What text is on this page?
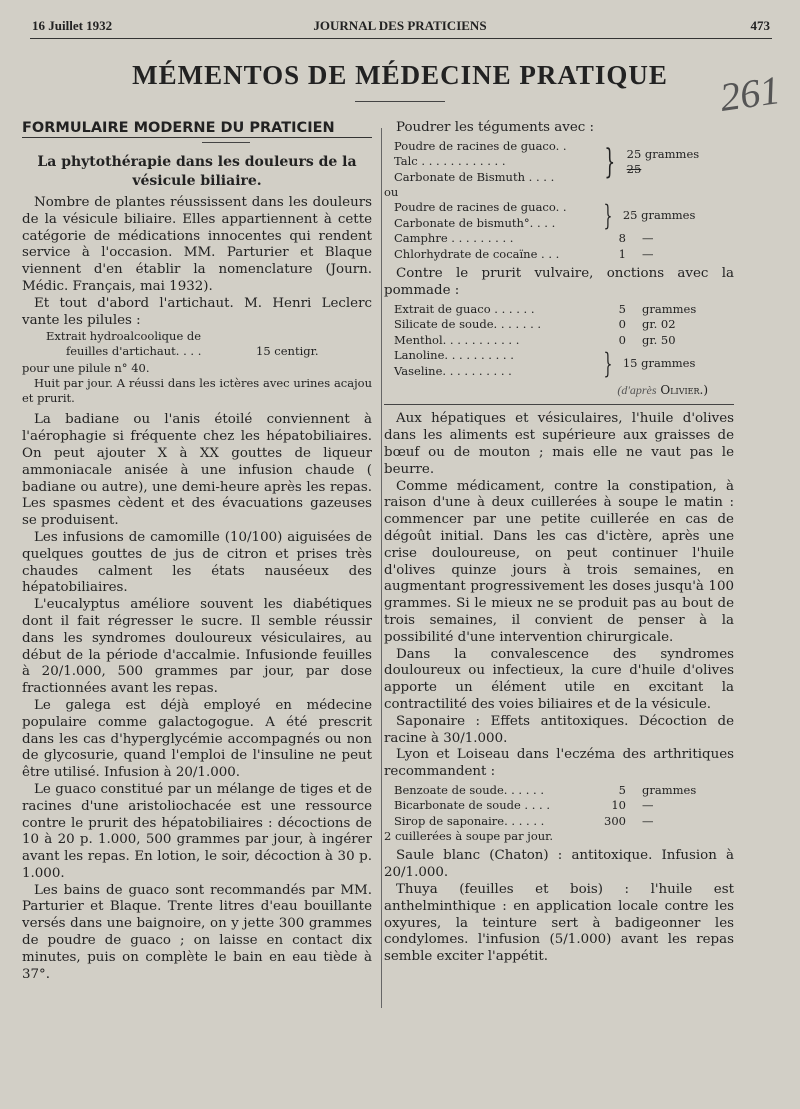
16 Juillet 1932	JOURNAL DES PRATICIENS	473
MÉMENTOS DE MÉDECINE PRATIQUE	261
FORMULAIRE MODERNE DU PRATICIEN
La phytothérapie dans les douleurs de la
vésicule biliaire.

Nombre de plantes réussissent dans les douleurs de la vésicule biliaire. Elles appartiennent à cette catégorie de médications innocentes qui rendent service à l'occasion. MM. Parturier et Blaque viennent d'en établir la nomenclature (Journ. Médic. Français, mai 1932).

Et tout d'abord l'artichaut. M. Henri Leclerc vante les pilules :

Extrait hydroalcoolique de
feuilles d'artichaut. . . .	15 centigr.
pour une pilule n° 40.
Huit par jour. A réussi dans les ictères avec urines acajou et prurit.

La badiane ou l'anis étoilé conviennent à l'aérophagie si fréquente chez les hépatobiliaires. On peut ajouter X à XX gouttes de liqueur ammoniacale anisée à une infusion chaude ( badiane ou autre), une demi-heure après les repas. Les spasmes cèdent et des évacuations gazeuses se produisent.

Les infusions de camomille (10/100) aiguisées de quelques gouttes de jus de citron et prises très chaudes calment les états nauséeux des hépatobiliaires.

L'eucalyptus améliore souvent les diabétiques dont il fait régresser le sucre. Il semble réussir dans les syndromes douloureux vésiculaires, au début de la période d'accalmie. Infusionde feuilles à 20/1.000, 500 grammes par jour, par dose fractionnées avant les repas.

Le galega est déjà employé en médecine populaire comme galactogogue. A été prescrit dans les cas d'hyperglycémie accompagnés ou non de glycosurie, quand l'emploi de l'insuline ne peut être utilisé. Infusion à 20/1.000.

Le guaco constitué par un mélange de tiges et de racines d'une aristoliochacée est une ressource contre le prurit des hépatobiliaires : décoctions de 10 à 20 p. 1.000, 500 grammes par jour, à ingérer avant les repas. En lotion, le soir, décoction à 30 p. 1.000.

Les bains de guaco sont recommandés par MM. Parturier et Blaque. Trente litres d'eau bouillante versés dans une baignoire, on y jette 300 grammes de poudre de guaco ; on laisse en contact dix minutes, puis on complète le bain en eau tiède à 37°.

Poudrer les téguments avec :

Poudre de racines de guaco. .
Talc . . . . . . . . . . . .
Carbonate de Bismuth . . . .	} 25 grammes
25
ou
Poudre de racines de guaco. .
Carbonate de bismuth°. . . .	} 25 grammes
Camphre . . . . . . . . .	8	—
Chlorhydrate de cocaïne . . .	1	—

Contre le prurit vulvaire, onctions avec la pommade :

Extrait de guaco . . . . . .	5	grammes
Silicate de soude. . . . . . .	0	gr. 02
Menthol. . . . . . . . . . .	0	gr. 50
Lanoline. . . . . . . . . .
Vaseline. . . . . . . . . .	} 15 grammes
(d'après Olivier.)

Aux hépatiques et vésiculaires, l'huile d'olives dans les aliments est supérieure aux graisses de bœuf ou de mouton ; mais elle ne vaut pas le beurre.

Comme médicament, contre la constipation, à raison d'une à deux cuillerées à soupe le matin : commencer par une petite cuillerée en cas de dégoût initial. Dans les cas d'ictère, après une crise douloureuse, on peut continuer l'huile d'olives quinze jours à trois semaines, en augmentant progressivement les doses jusqu'à 100 grammes. Si le mieux ne se produit pas au bout de trois semaines, il convient de penser à la possibilité d'une intervention chirurgicale.

Dans la convalescence des syndromes douloureux ou infectieux, la cure d'huile d'olives apporte un élément utile en excitant la contractilité des voies biliaires et de la vésicule.

Saponaire : Effets antitoxiques. Décoction de racine à 30/1.000.

Lyon et Loiseau dans l'eczéma des arthritiques recommandent :

Benzoate de soude. . . . . .	5	grammes
Bicarbonate de soude . . . .	10	—
Sirop de saponaire. . . . . .	300	—
2 cuillerées à soupe par jour.

Saule blanc (Chaton) : antitoxique. Infusion à 20/1.000.

Thuya (feuilles et bois) : l'huile est anthelminthique : en application locale contre les oxyures, la teinture sert à badigeonner les condylomes. l'infusion (5/1.000) avant les repas semble exciter l'appétit.
